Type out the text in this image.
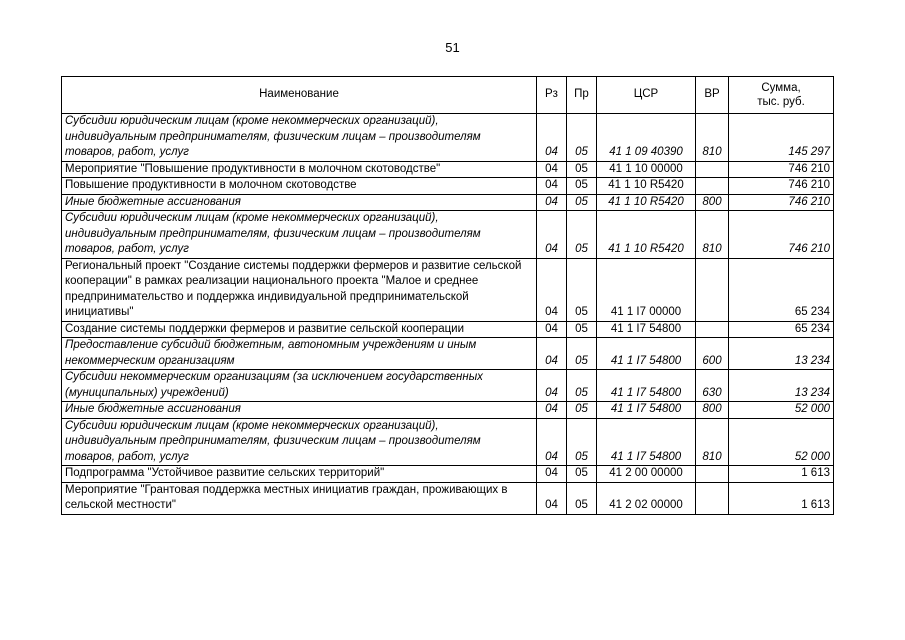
51
Наименование	Рз	Пр	ЦСР	ВР	Сумма,
тыс. руб.

Субсидии юридическим лицам (кроме некоммерческих организаций), индивидуальным предпринимателям, физическим лицам – производителям товаров, работ, услуг	04	05	41 1 09 40390	810	145 297
Мероприятие "Повышение продуктивности в молочном скотоводстве"	04	05	41 1 10 00000		746 210
Повышение продуктивности в молочном скотоводстве	04	05	41 1 10 R5420		746 210
Иные бюджетные ассигнования	04	05	41 1 10 R5420	800	746 210
Субсидии юридическим лицам (кроме некоммерческих организаций), индивидуальным предпринимателям, физическим лицам – производителям товаров, работ, услуг	04	05	41 1 10 R5420	810	746 210
Региональный проект "Создание системы поддержки фермеров и развитие сельской кооперации" в рамках реализации национального проекта "Малое и среднее предпринимательство и поддержка индивидуальной предпринимательской инициативы"	04	05	41 1 I7 00000		65 234
Создание системы поддержки фермеров и развитие сельской кооперации	04	05	41 1 I7 54800		65 234
Предоставление субсидий бюджетным, автономным учреждениям и иным некоммерческим организациям	04	05	41 1 I7 54800	600	13 234
Субсидии некоммерческим организациям (за исключением государственных (муниципальных) учреждений)	04	05	41 1 I7 54800	630	13 234
Иные бюджетные ассигнования	04	05	41 1 I7 54800	800	52 000
Субсидии юридическим лицам (кроме некоммерческих организаций), индивидуальным предпринимателям, физическим лицам – производителям товаров, работ, услуг	04	05	41 1 I7 54800	810	52 000
Подпрограмма "Устойчивое развитие сельских территорий"	04	05	41 2 00 00000		1 613
Мероприятие "Грантовая поддержка местных инициатив граждан, проживающих в сельской местности"	04	05	41 2 02 00000		1 613
